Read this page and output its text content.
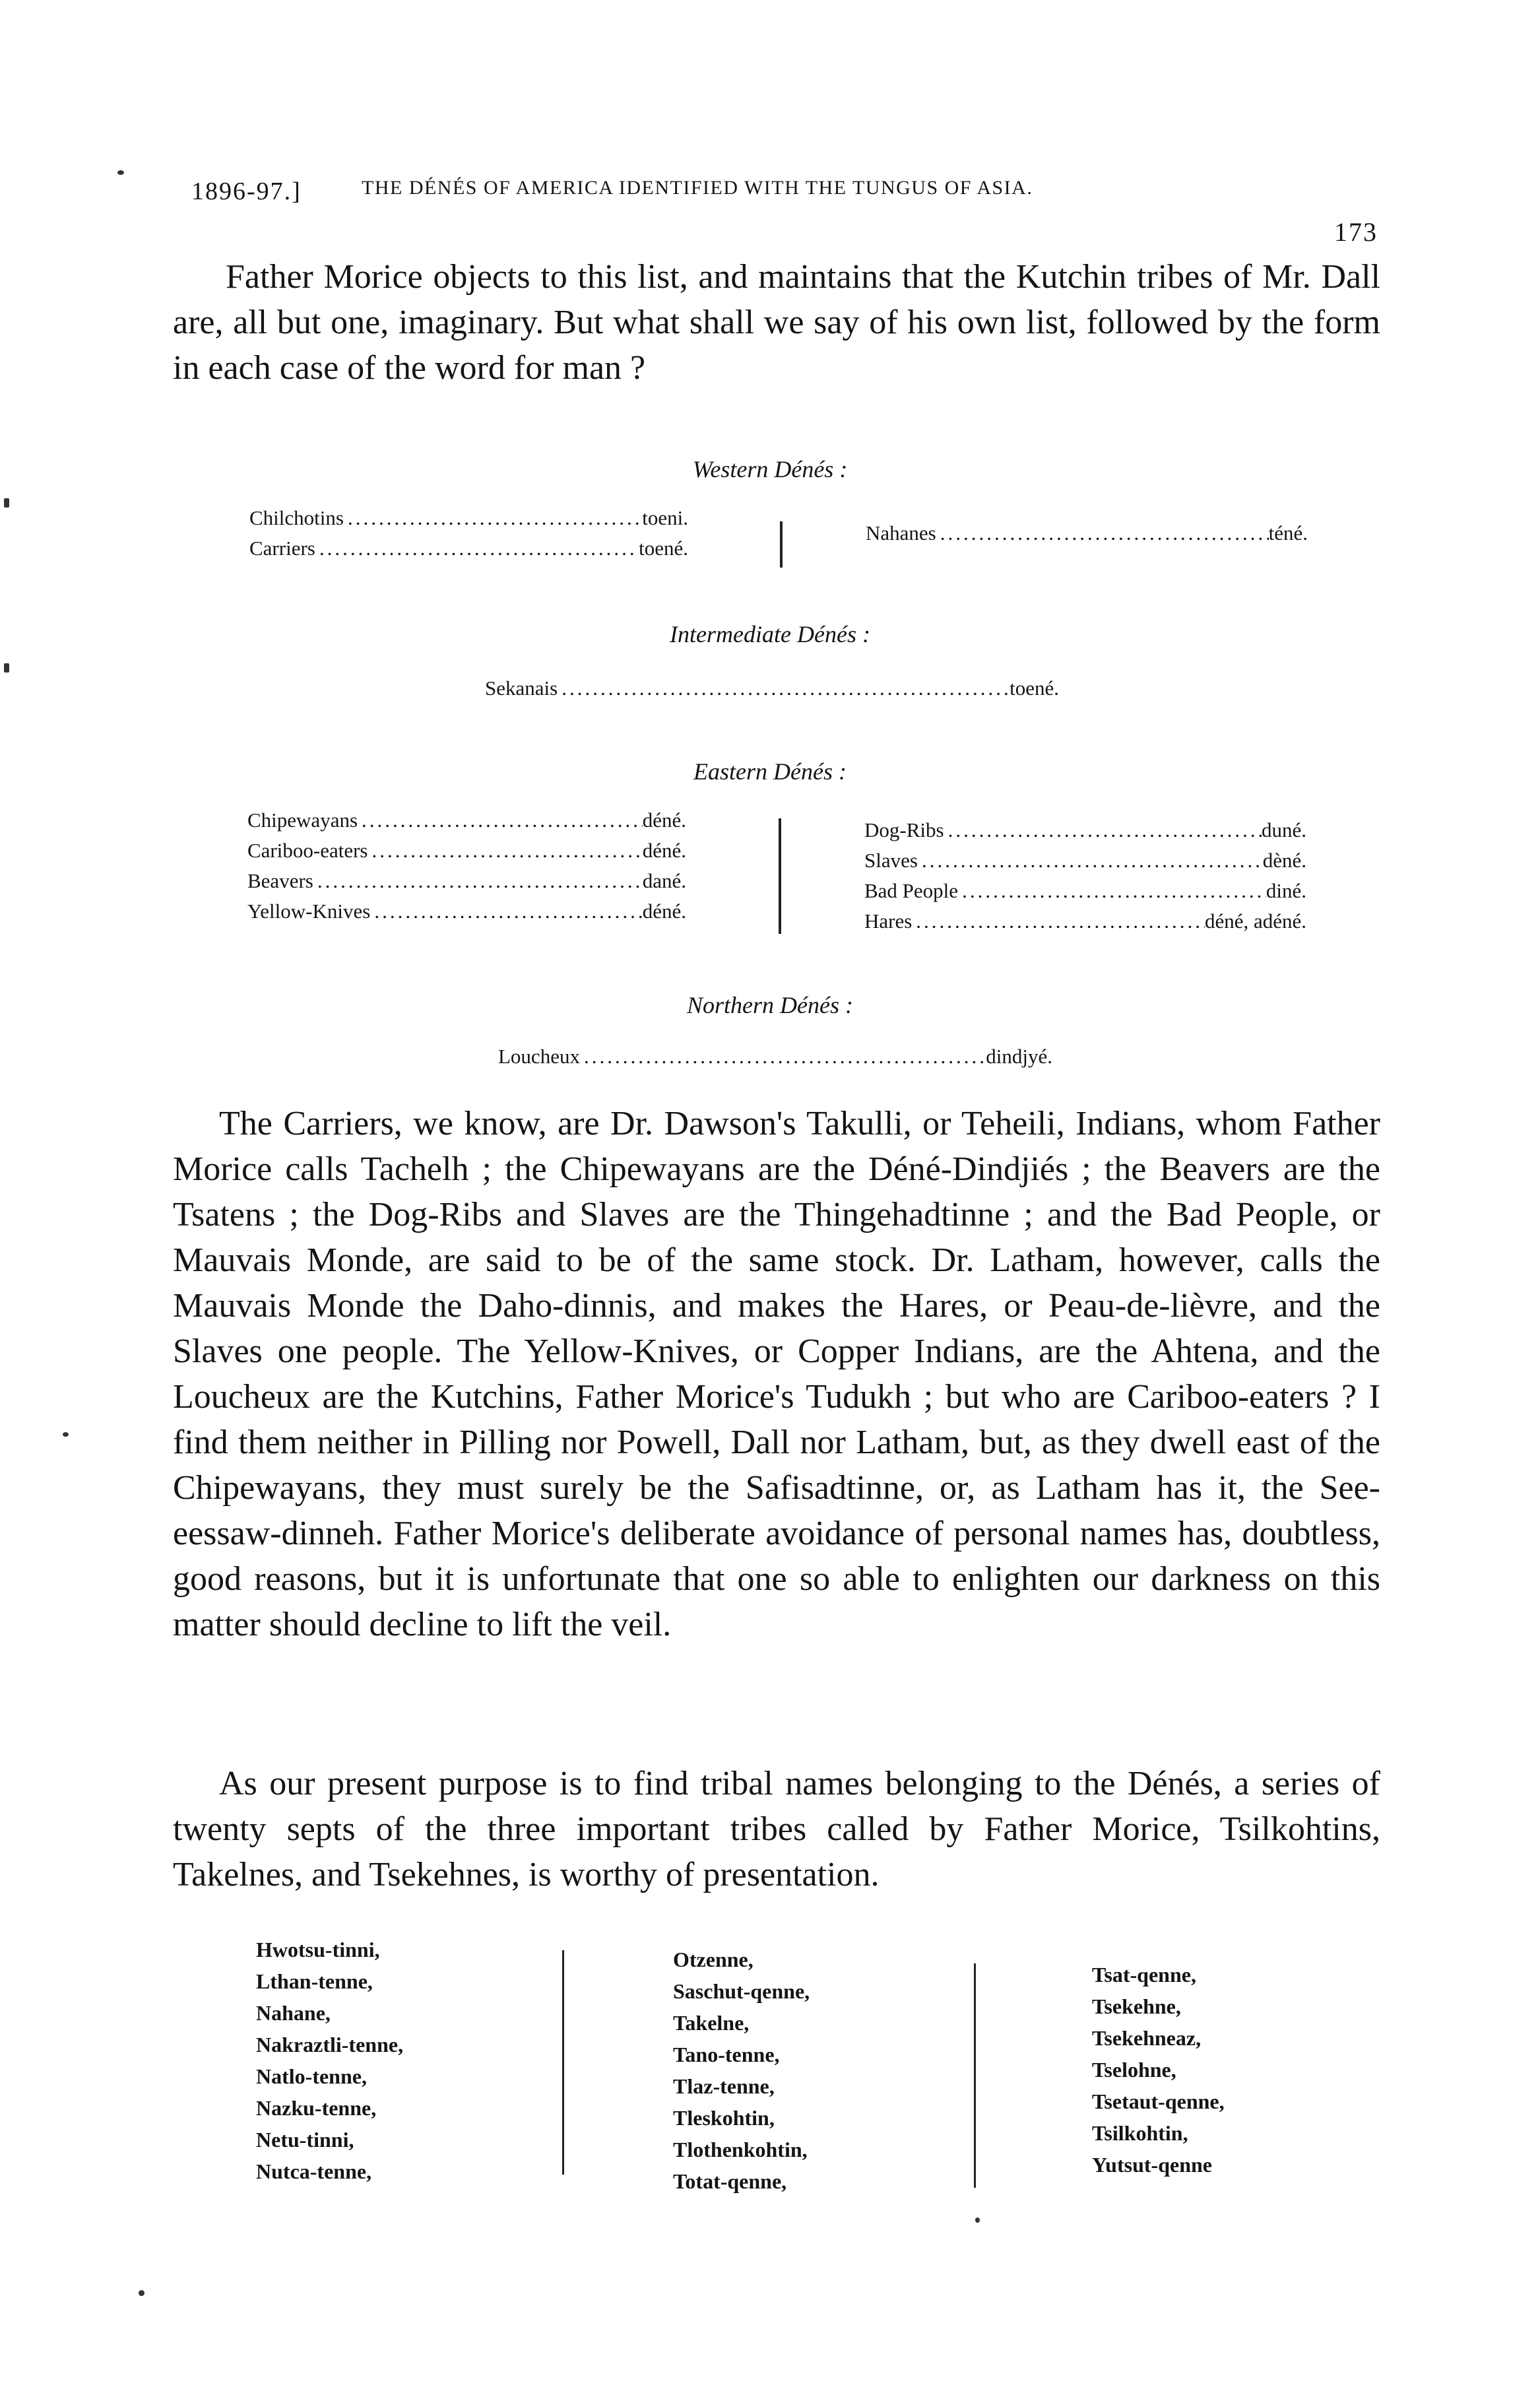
1896-97.]	THE DÉNÉS OF AMERICA IDENTIFIED WITH THE TUNGUS OF ASIA.
173
Father Morice objects to this list, and maintains that the Kutchin tribes of Mr. Dall are, all but one, imaginary. But what shall we say of his own list, followed by the form in each case of the word for man ?
Western Dénés :
Chilchotins .....	toeni.
Carriers .....	toené.
Nahanes .....	téné.
Intermediate Dénés :
Sekanais .....	toené.
Eastern Dénés :
Chipewayans .....	déné.
Cariboo-eaters .....	déné.
Beavers .....	dané.
Yellow-Knives .....	déné.
Dog-Ribs .....	duné.
Slaves .....	dèné.
Bad People .....	diné.
Hares .....	déné, adéné.
Northern Dénés :
Loucheux .....	dindjyé.
The Carriers, we know, are Dr. Dawson's Takulli, or Teheili, Indians, whom Father Morice calls Tachelh ; the Chipewayans are the Déné-Dindjiés ; the Beavers are the Tsatens ; the Dog-Ribs and Slaves are the Thingehadtinne ; and the Bad People, or Mauvais Monde, are said to be of the same stock. Dr. Latham, however, calls the Mauvais Monde the Daho-dinnis, and makes the Hares, or Peau-de-lièvre, and the Slaves one people. The Yellow-Knives, or Copper Indians, are the Ahtena, and the Loucheux are the Kutchins, Father Morice's Tudukh ; but who are Cariboo-eaters ? I find them neither in Pilling nor Powell, Dall nor Latham, but, as they dwell east of the Chipewayans, they must surely be the Safisadtinne, or, as Latham has it, the See-eessaw-dinneh. Father Morice's deliberate avoidance of personal names has, doubtless, good reasons, but it is unfortunate that one so able to enlighten our darkness on this matter should decline to lift the veil.
As our present purpose is to find tribal names belonging to the Dénés, a series of twenty septs of the three important tribes called by Father Morice, Tsilkohtins, Takelnes, and Tsekehnes, is worthy of presentation.
Hwotsu-tinni,
Lthan-tenne,
Nahane,
Nakraztli-tenne,
Natlo-tenne,
Nazku-tenne,
Netu-tinni,
Nutca-tenne,
Otzenne,
Saschut-qenne,
Takelne,
Tano-tenne,
Tlaz-tenne,
Tleskohtin,
Tlothenkohtin,
Totat-qenne,
Tsat-qenne,
Tsekehne,
Tsekehneaz,
Tselohne,
Tsetaut-qenne,
Tsilkohtin,
Yutsut-qenne
